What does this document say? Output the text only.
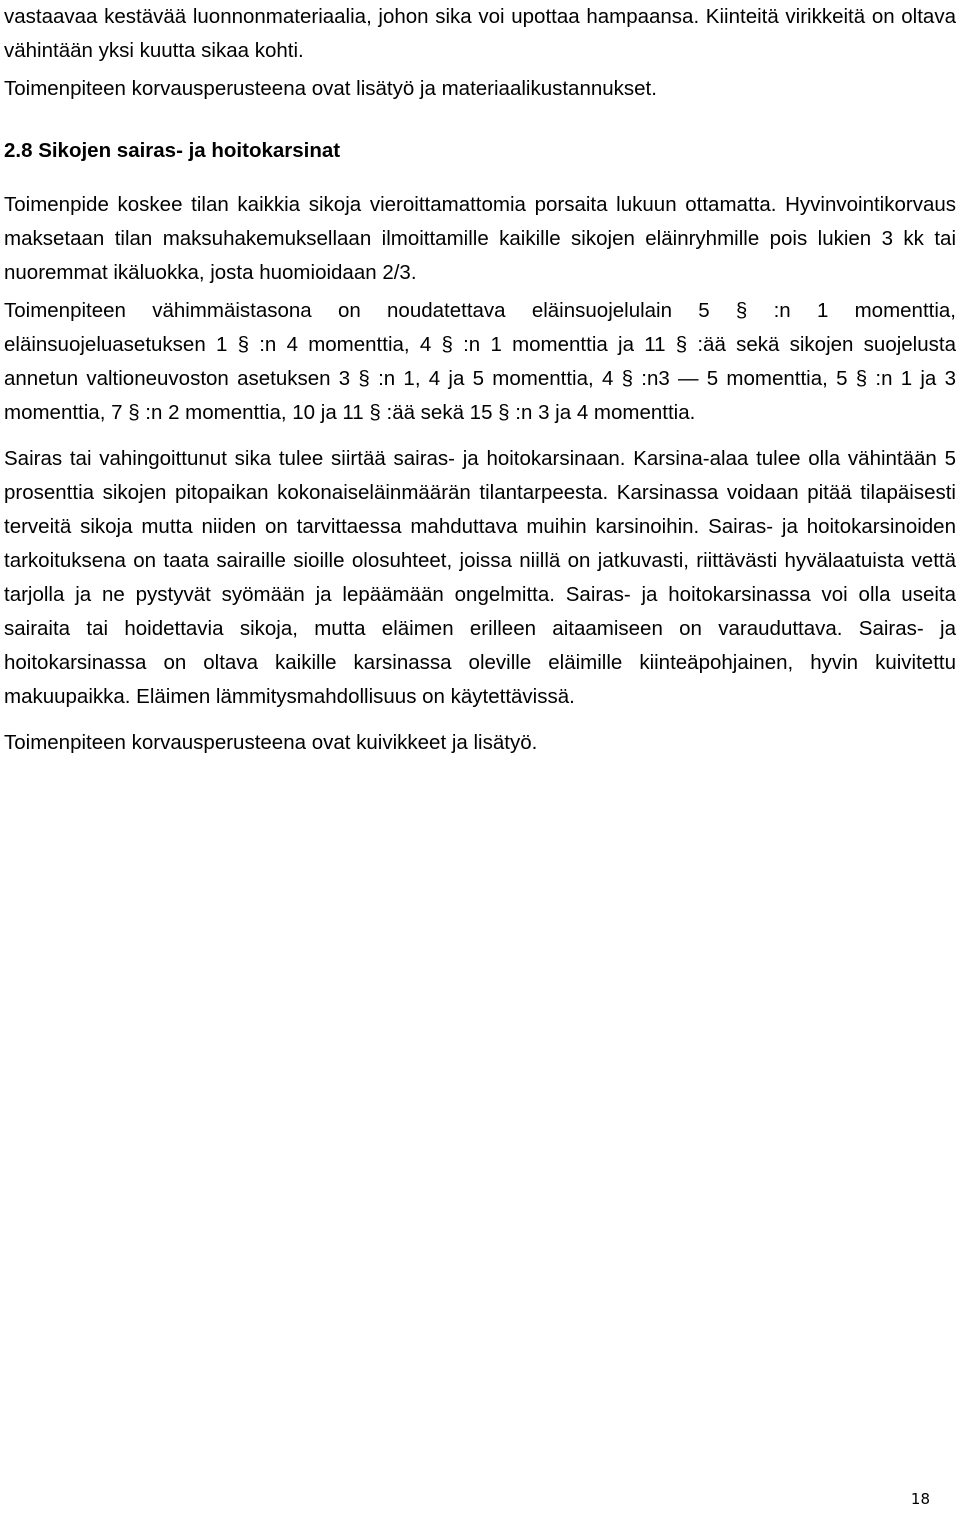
vastaavaa kestävää luonnonmateriaalia, johon sika voi upottaa hampaansa. Kiinteitä virikkeitä on oltava vähintään yksi kuutta sikaa kohti.

Toimenpiteen korvausperusteena ovat lisätyö ja materiaalikustannukset.

2.8 Sikojen sairas- ja hoitokarsinat

Toimenpide koskee tilan kaikkia sikoja vieroittamattomia porsaita lukuun ottamatta. Hyvinvointikorvaus maksetaan tilan maksuhakemuksellaan ilmoittamille kaikille sikojen eläinryhmille pois lukien 3 kk tai nuoremmat ikäluokka, josta huomioidaan 2/3.

Toimenpiteen vähimmäistasona on noudatettava eläinsuojelulain 5 § :n 1 momenttia, eläinsuojeluasetuksen 1 § :n 4 momenttia, 4 § :n 1 momenttia ja 11 § :ää sekä sikojen suojelusta annetun valtioneuvoston asetuksen 3 § :n 1, 4 ja 5 momenttia, 4 § :n3 — 5 momenttia, 5 § :n 1 ja 3 momenttia, 7 § :n 2 momenttia, 10 ja 11 § :ää sekä 15 § :n 3 ja 4 momenttia.

Sairas tai vahingoittunut sika tulee siirtää sairas- ja hoitokarsinaan. Karsina-alaa tulee olla vähintään 5 prosenttia sikojen pitopaikan kokonaiseläinmäärän tilantarpeesta. Karsinassa voidaan pitää tilapäisesti terveitä sikoja mutta niiden on tarvittaessa mahduttava muihin karsinoihin. Sairas- ja hoitokarsinoiden tarkoituksena on taata sairaille sioille olosuhteet, joissa niillä on jatkuvasti, riittävästi hyvälaatuista vettä tarjolla ja ne pystyvät syömään ja lepäämään ongelmitta. Sairas- ja hoitokarsinassa voi olla useita sairaita tai hoidettavia sikoja, mutta eläimen erilleen aitaamiseen on varauduttava. Sairas- ja hoitokarsinassa on oltava kaikille karsinassa oleville eläimille kiinteäpohjainen, hyvin kuivitettu makuupaikka. Eläimen lämmitysmahdollisuus on käytettävissä.

Toimenpiteen korvausperusteena ovat kuivikkeet ja lisätyö.

18
